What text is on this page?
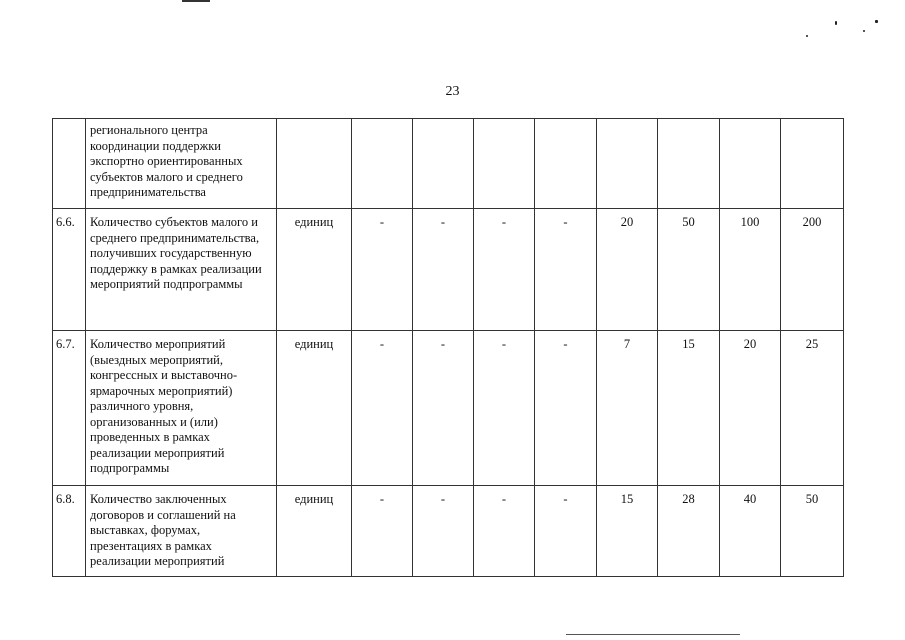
23
	регионального центра координации поддержки экспортно ориентированных субъектов малого и среднего предпринимательства									
6.6.	Количество субъектов малого и среднего предпринимательства, получивших государственную поддержку в рамках реализации мероприятий подпрограммы	единиц	-	-	-	-	20	50	100	200
6.7.	Количество мероприятий (выездных мероприятий, конгрессных и выставочно-ярмарочных мероприятий) различного уровня, организованных и (или) проведенных в рамках реализации мероприятий подпрограммы	единиц	-	-	-	-	7	15	20	25
6.8.	Количество заключенных договоров и соглашений на выставках, форумах, презентациях в рамках реализации мероприятий	единиц	-	-	-	-	15	28	40	50
